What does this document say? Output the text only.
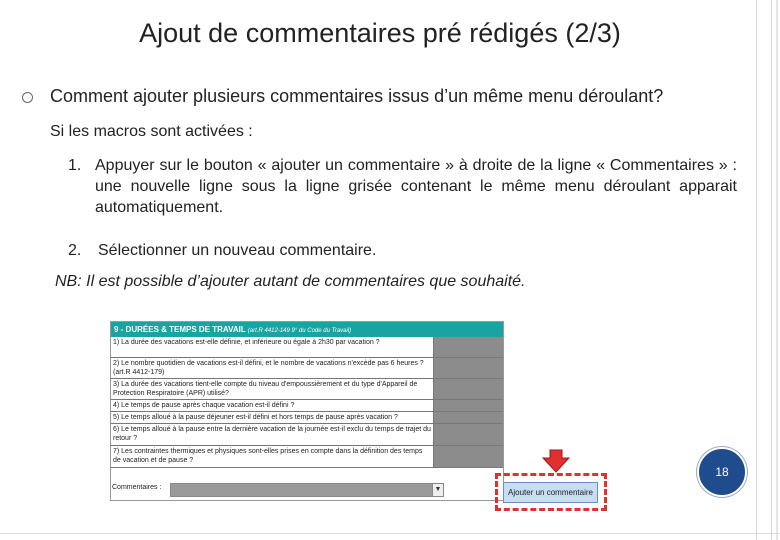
Ajout de commentaires pré rédigés (2/3)
Comment ajouter plusieurs commentaires issus d’un même menu déroulant?
Si les macros sont activées :
1. Appuyer sur le bouton « ajouter un commentaire » à droite de la ligne « Commentaires » : une nouvelle ligne sous la ligne grisée contenant le même menu déroulant apparait automatiquement.
2. Sélectionner un nouveau commentaire.
NB: Il est possible d’ajouter autant de commentaires que souhaité.
9 - DURÉES & TEMPS DE TRAVAIL (art.R 4412-149 9° du Code du Travail)
1) La durée des vacations est-elle définie, et inférieure ou égale à 2h30 par vacation ?
2) Le nombre quotidien de vacations est-il défini, et le nombre de vacations n'excède pas 6 heures ? (art.R 4412-179)
3) La durée des vacations tient-elle compte du niveau d'empoussièrement et du type d'Appareil de Protection Respiratoire (APR) utilisé?
4) Le temps de pause après chaque vacation est-il défini ?
5) Le temps alloué à la pause déjeuner est-il défini et hors temps de pause après vacation ?
6) Le temps alloué à la pause entre la dernière vacation de la journée est-il exclu du temps de trajet du retour ?
7) Les contraintes thermiques et physiques sont-elles prises en compte dans la définition des temps de vacation et de pause ?
Commentaires :	▼	Ajouter un commentaire
18
